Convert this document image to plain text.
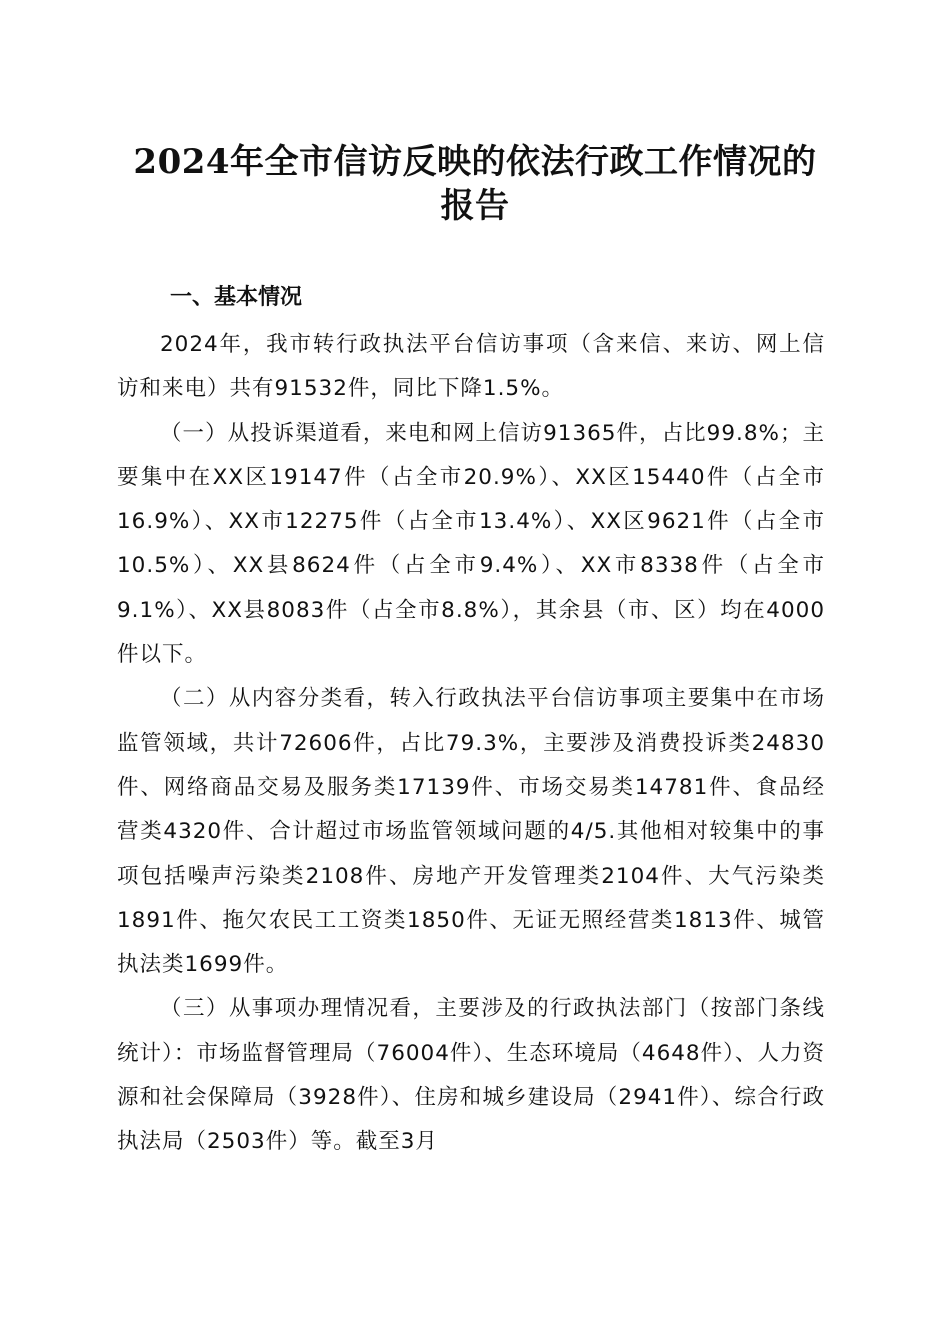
2024年全市信访反映的依法行政工作情况的
报告
一、基本情况

2024年，我市转行政执法平台信访事项（含来信、来访、网上信访和来电）共有91532件，同比下降1.5%。

（一）从投诉渠道看，来电和网上信访91365件，占比99.8%；主要集中在XX区19147件（占全市20.9%）、XX区15440件（占全市16.9%）、XX市12275件（占全市13.4%）、XX区9621件（占全市10.5%）、XX县8624件（占全市9.4%）、XX市8338件（占全市9.1%）、XX县8083件（占全市8.8%），其余县（市、区）均在4000件以下。

（二）从内容分类看，转入行政执法平台信访事项主要集中在市场监管领域，共计72606件，占比79.3%，主要涉及消费投诉类24830件、网络商品交易及服务类17139件、市场交易类14781件、食品经营类4320件、合计超过市场监管领域问题的4/5.其他相对较集中的事项包括噪声污染类2108件、房地产开发管理类2104件、大气污染类1891件、拖欠农民工工资类1850件、无证无照经营类1813件、城管执法类1699件。

（三）从事项办理情况看，主要涉及的行政执法部门（按部门条线统计）：市场监督管理局（76004件）、生态环境局（4648件）、人力资源和社会保障局（3928件）、住房和城乡建设局（2941件）、综合行政执法局（2503件）等。截至3月
